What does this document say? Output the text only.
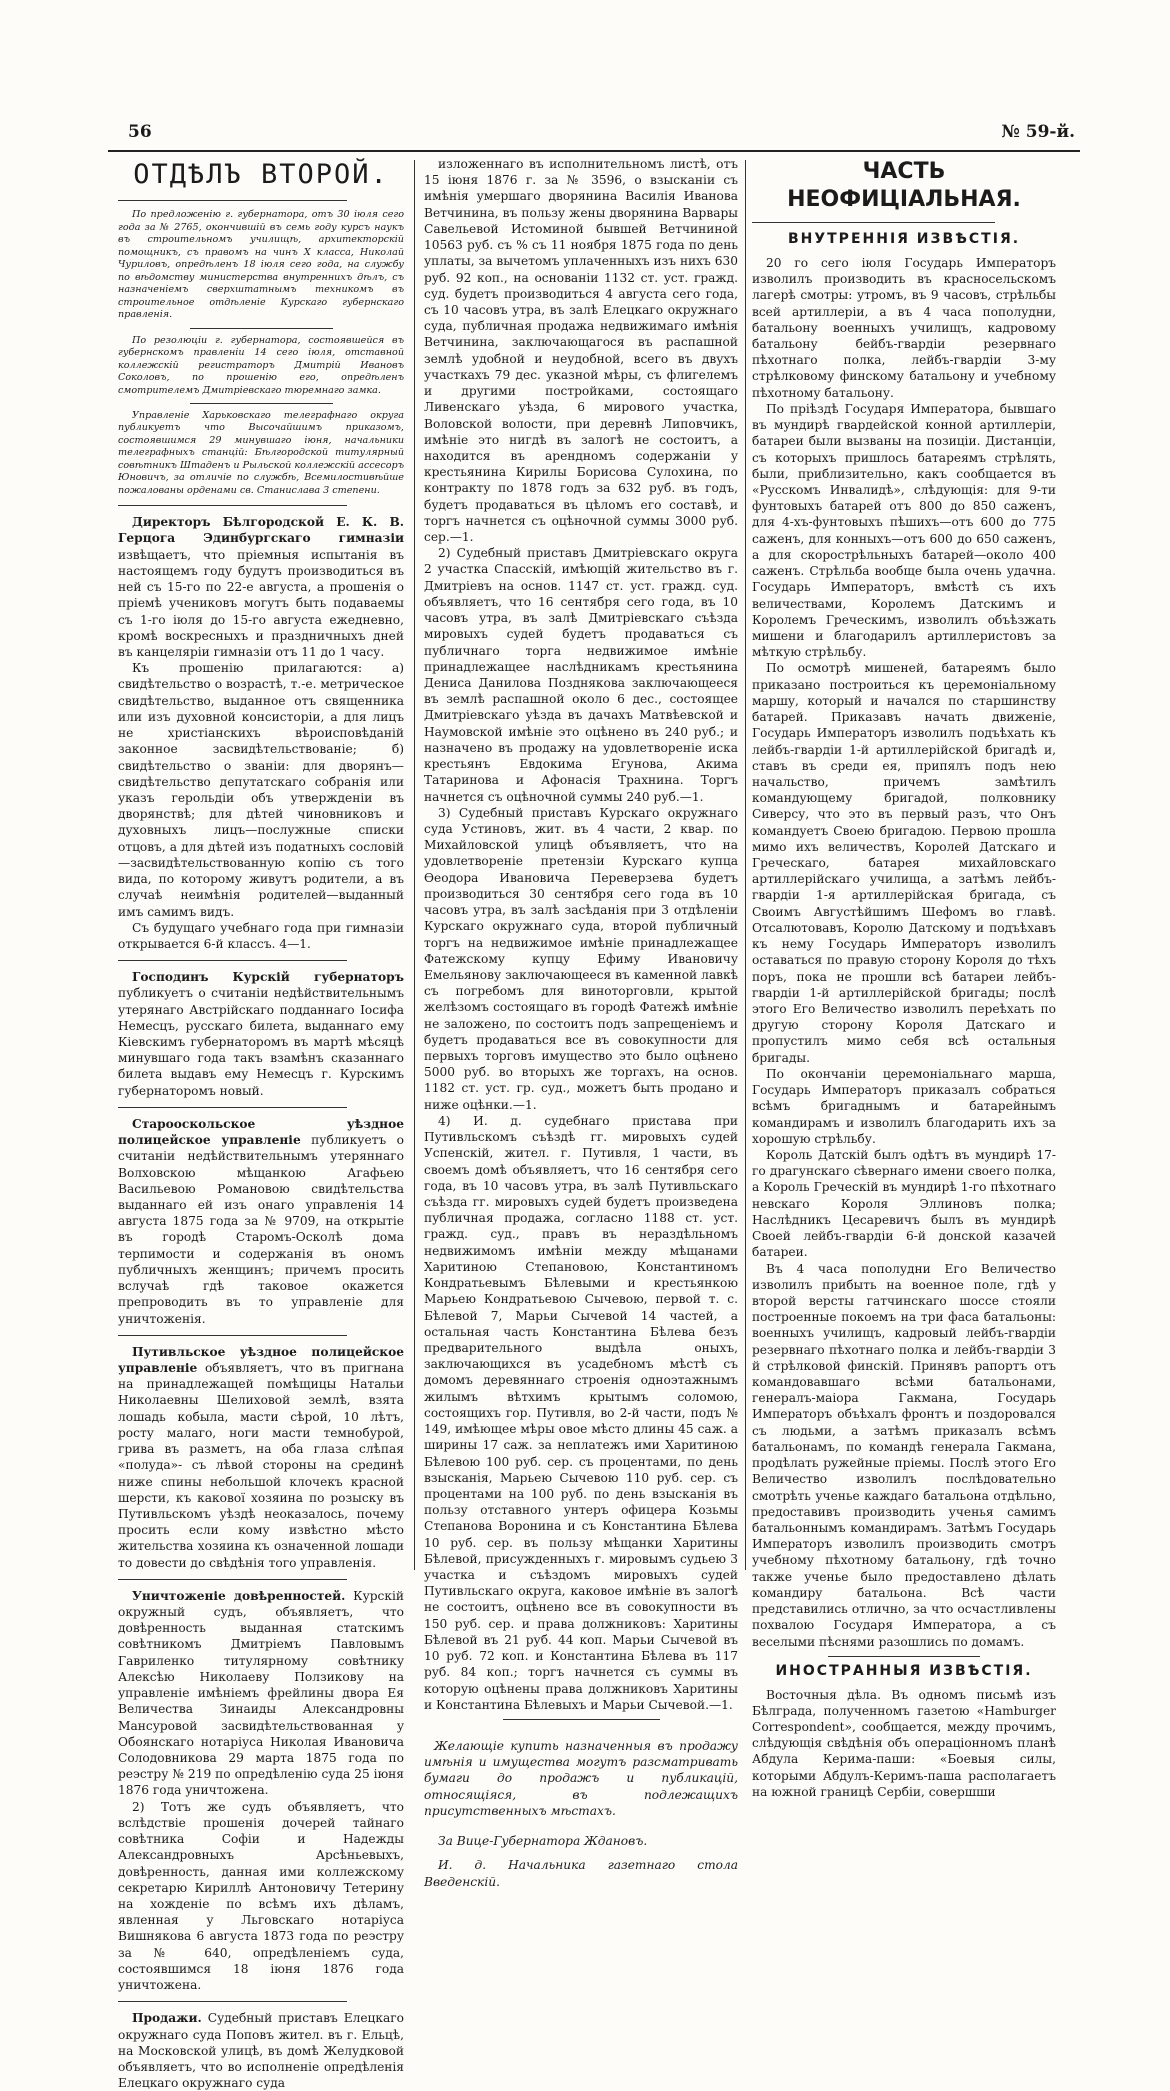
56	№ 59-й.
ОТДѢЛЪ ВТОРОЙ.

По предложенію г. губернатора, отъ 30 іюля сего года за № 2765, окончившій въ семь году курсъ наукъ въ строительномъ училищѣ, архитекторскій помощникъ, съ правомъ на чинъ X класса, Николай Чуриловъ, опредѣленъ 18 іюля сего года, на службу по вѣдомству министерства внутреннихъ дѣлъ, съ назначеніемъ сверхштатнымъ техникомъ въ строительное отдѣленіе Курскаго губернскаго правленія.

По резолюціи г. губернатора, состоявшейся въ губернскомъ правленіи 14 сего іюля, отставной коллежскій регистраторъ Дмитрій Ивановъ Соколовъ, по прошенію его, опредѣленъ смотрителемъ Дмитріевскаго тюремнаго замка.

Управленіе Харьковскаго телеграфнаго округа публикуетъ что Высочайшимъ приказомъ, состоявшимся 29 минувшаго іюня, начальники телеграфныхъ станцій: Бѣлгородской титулярный совѣтникъ Штаденъ и Рыльской коллежскій ассесоръ Юновичъ, за отличіе по службѣ, Всемилостивѣйше пожалованы орденами св. Станислава 3 степени.

Директоръ Бѣлгородской Е. К. В. Герцога Эдинбургскаго гимназіи извѣщаетъ, что пріемныя испытанія въ настоящемъ году будутъ производиться въ ней съ 15-го по 22-е августа, а прошенія о пріемѣ учениковъ могутъ быть подаваемы съ 1-го іюля до 15-го августа ежедневно, кромѣ воскресныхъ и праздничныхъ дней въ канцеляріи гимназіи отъ 11 до 1 часу.

Къ прошенію прилагаются: а) свидѣтельство о возрастѣ, т.-е. метрическое свидѣтельство, выданное отъ священника или изъ духовной консисторіи, а для лицъ не христіанскихъ вѣроисповѣданій законное засвидѣтельствованіе; б) свидѣтельство о званіи: для дворянъ—свидѣтельство депутатскаго собранія или указъ герольдіи объ утвержденіи въ дворянствѣ; для дѣтей чиновниковъ и духовныхъ лицъ—послужные списки отцовъ, а для дѣтей изъ податныхъ сословій—засвидѣтельствованную копію съ того вида, по которому живутъ родители, а въ случаѣ неимѣнія родителей—выданный имъ самимъ видъ.

Съ будущаго учебнаго года при гимназіи открывается 6-й классъ. 4—1.

Господинъ Курскій губернаторъ публикуетъ о считаніи недѣйствительнымъ утерянаго Австрійскаго подданнаго Іосифа Немесцъ, русскаго билета, выданнаго ему Кіевскимъ губернаторомъ въ мартѣ мѣсяцѣ минувшаго года такъ взамѣнъ сказаннаго билета выдавъ ему Немесцъ г. Курскимъ губернаторомъ новый.

Старооскольское уѣздное полицейское управленіе публикуетъ о считаніи недѣйствительнымъ утеряннаго Волховскою мѣщанкою Агафьею Васильевою Романовою свидѣтельства выданнаго ей изъ онаго управленія 14 августа 1875 года за № 9709, на открытіе въ городѣ Старомъ-Осколѣ дома терпимости и содержанія въ ономъ публичныхъ женщинъ; причемъ просить вслучаѣ гдѣ таковое окажется препроводить въ то управленіе для уничтоженія.

Путивльское уѣздное полицейское управленіе объявляетъ, что въ пригнана на принадлежащей помѣщицы Натальи Николаевны Шелиховой землѣ, взята лошадь кобыла, масти сѣрой, 10 лѣтъ, росту малаго, ноги масти темнобурой, грива въ разметъ, на оба глаза слѣпая «полуда»- съ лѣвой стороны на срединѣ ниже спины небольшой клочекъ красной шерсти, къ какової хозяина по розыску въ Путивльскомъ уѣздѣ неоказалось, почему просить если кому извѣстно мѣсто жительства хозяина къ означенной лошади то довести до свѣдѣнія того управленія.

Уничтоженіе довѣренностей. Курскій окружный судъ, объявляетъ, что довѣренность выданная статскимъ совѣтникомъ Дмитріемъ Павловымъ Гавриленко титулярному совѣтнику Алексѣю Николаеву Ползикову на управленіе имѣніемъ фрейлины двора Ея Величества Зинаиды Александровны Мансуровой засвидѣтельствованная у Обоянскаго нотаріуса Николая Ивановича Солодовникова 29 марта 1875 года по реэстру № 219 по опредѣленію суда 25 іюня 1876 года уничтожена.

2) Тотъ же судъ объявляетъ, что вслѣдствіе прошенія дочерей тайнаго совѣтника Софіи и Надежды Александровныхъ Арсѣньевыхъ, довѣренность, данная ими коллежскому секретарю Кириллѣ Антоновичу Тетерину на хожденіе по всѣмъ ихъ дѣламъ, явленная у Льговскаго нотаріуса Вишнякова 6 августа 1873 года по реэстру за № 640, опредѣленіемъ суда, состоявшимся 18 іюня 1876 года уничтожена.

Продажи. Судебный приставъ Елецкаго окружнаго суда Поповъ жител. въ г. Ельцѣ, на Московской улицѣ, въ домѣ Желудковой объявляетъ, что во исполненіе опредѣленія Елецкаго окружнаго суда

изложеннаго въ исполнительномъ листѣ, отъ 15 іюня 1876 г. за № 3596, о взысканіи съ имѣнія умершаго дворянина Василія Иванова Ветчинина, въ пользу жены дворянина Варвары Савельевой Истоминой бывшей Ветчининой 10563 руб. съ % съ 11 ноября 1875 года по день уплаты, за вычетомъ уплаченныхъ изъ нихъ 630 руб. 92 коп., на основаніи 1132 ст. уст. гражд. суд. будетъ производиться 4 августа сего года, съ 10 часовъ утра, въ залѣ Елецкаго окружнаго суда, публичная продажа недвижимаго имѣнія Ветчинина, заключающагося въ распашной землѣ удобной и неудобной, всего въ двухъ участкахъ 79 дес. указной мѣры, съ флигелемъ и другими постройками, состоящаго Ливенскаго уѣзда, 6 мирового участка, Воловской волости, при деревнѣ Липовчикъ, имѣніе это нигдѣ въ залогѣ не состоитъ, а находится въ арендномъ содержаніи у крестьянина Кирилы Борисова Сулохина, по контракту по 1878 годъ за 632 руб. въ годъ, будетъ продаваться въ цѣломъ его составѣ, и торгъ начнется съ оцѣночной суммы 3000 руб. сер.—1.

2) Судебный приставъ Дмитріевскаго округа 2 участка Спасскій, имѣющій жительство въ г. Дмитріевъ на основ. 1147 ст. уст. гражд. суд. объявляетъ, что 16 сентября сего года, въ 10 часовъ утра, въ залѣ Дмитріевскаго съѣзда мировыхъ судей будетъ продаваться съ публичнаго торга недвижимое имѣніе принадлежащее наслѣдникамъ крестьянина Дениса Данилова Позднякова заключающееся въ землѣ распашной около 6 дес., состоящее Дмитріевскаго уѣзда въ дачахъ Матвѣевской и Наумовской имѣніе это оцѣнено въ 240 руб.; и назначено въ продажу на удовлетвореніе иска крестьянъ Евдокима Егунова, Акима Татаринова и Афонасія Трахнина. Торгъ начнется съ оцѣночной суммы 240 руб.—1.

3) Судебный приставъ Курскаго окружнаго суда Устиновъ, жит. въ 4 части, 2 квар. по Михайловской улицѣ объявляетъ, что на удовлетвореніе претензіи Курскаго купца Ѳеодора Ивановича Переверзева будетъ производиться 30 сентября сего года въ 10 часовъ утра, въ залѣ засѣданія при 3 отдѣленіи Курскаго окружнаго суда, второй публичный торгъ на недвижимое имѣніе принадлежащее Фатежскому купцу Ефиму Ивановичу Емельянову заключающееся въ каменной лавкѣ съ погребомъ для виноторговли, крытой желѣзомъ состоящаго въ городѣ Фатежѣ имѣніе не заложено, по состоитъ подъ запрещеніемъ и будетъ продаваться все въ совокупности для первыхъ торговъ имущество это было оцѣнено 5000 руб. во вторыхъ же торгахъ, на основ. 1182 ст. уст. гр. суд., можетъ быть продано и ниже оцѣнки.—1.

4) И. д. судебнаго пристава при Путивльскомъ съѣздѣ гг. мировыхъ судей Успенскій, жител. г. Путивля, 1 части, въ своемъ домѣ объявляетъ, что 16 сентября сего года, въ 10 часовъ утра, въ залѣ Путивльскаго съѣзда гг. мировыхъ судей будетъ произведена публичная продажа, согласно 1188 ст. уст. гражд. суд., правъ въ нераздѣльномъ недвижимомъ имѣніи между мѣщанами Харитиною Степановою, Константиномъ Кондратьевымъ Бѣлевыми и крестьянкою Марьею Кондратьевою Сычевою, первой т. с. Бѣлевой 7, Марьи Сычевой 14 частей, а остальная часть Константина Бѣлева безъ предварительного выдѣла оныхъ, заключающихся въ усадебномъ мѣстѣ съ домомъ деревяннаго строенія одноэтажнымъ жилымъ вѣтхимъ крытымъ соломою, состоящихъ гор. Путивля, во 2-й части, подъ № 149, имѣющее мѣры овое мѣсто длины 45 саж. а ширины 17 саж. за неплатежъ ими Харитиною Бѣлевою 100 руб. сер. съ процентами, по день взысканія, Марьею Сычевою 110 руб. сер. съ процентами на 100 руб. по день взысканія въ пользу отставного унтеръ офицера Козьмы Степанова Воронина и съ Константина Бѣлева 10 руб. сер. въ пользу мѣщанки Харитины Бѣлевой, присужденныхъ г. мировымъ судьею 3 участка и съѣздомъ мировыхъ судей Путивльскаго округа, каковое имѣніе въ залогѣ не состоитъ, оцѣнено все въ совокупности въ 150 руб. сер. и права должниковъ: Харитины Бѣлевой въ 21 руб. 44 коп. Марьи Сычевой въ 10 руб. 72 коп. и Константина Бѣлева въ 117 руб. 84 коп.; торгъ начнется съ суммы въ которую оцѣнены права должниковъ Харитины и Константина Бѣлевыхъ и Марьи Сычевой.—1.

Желающіе купить назначенныя въ продажу имѣнія и имущества могутъ разсматривать бумаги до продажъ и публикацій, относящіяся, въ подлежащихъ присутственныхъ мѣстахъ.

За Вице-Губернатора Ждановъ.

И. д. Начальника газетнаго стола Введенскій.

ЧАСТЬ НЕОФИЦІАЛЬНАЯ.
ВНУТРЕННІЯ ИЗВѢСТІЯ.

20 го сего іюля Государь Императоръ изволилъ производить въ красносельскомъ лагерѣ смотры: утромъ, въ 9 часовъ, стрѣльбы всей артиллеріи, а въ 4 часа пополудни, батальону военныхъ училищъ, кадровому батальону бейбъ-гвардіи резервнаго пѣхотнаго полка, лейбъ-гвардіи 3-му стрѣлковому финскому батальону и учебному пѣхотному батальону.

По пріѣздѣ Государя Императора, бывшаго въ мундирѣ гвардейской конной артиллеріи, батареи были вызваны на позиціи. Дистанціи, съ которыхъ пришлось батареямъ стрѣлять, были, приблизительно, какъ сообщается въ «Русскомъ Инвалидѣ», слѣдующія: для 9-ти фунтовыхъ батарей отъ 800 до 850 саженъ, для 4-хъ-фунтовыхъ пѣшихъ—отъ 600 до 775 саженъ, для конныхъ—отъ 600 до 650 саженъ, а для скорострѣльныхъ батарей—около 400 саженъ. Стрѣльба вообще была очень удачна. Государь Императоръ, вмѣстѣ съ ихъ величествами, Королемъ Датскимъ и Королемъ Греческимъ, изволилъ объѣзжать мишени и благодарилъ артиллеристовъ за мѣткую стрѣльбу.

По осмотрѣ мишеней, батареямъ было приказано построиться къ церемоніальному маршу, который и начался по старшинству батарей. Приказавъ начать движеніе, Государь Императоръ изволилъ подъѣхать къ лейбъ-гвардіи 1-й артиллерійской бригадѣ и, ставъ въ среди ея, припялъ подъ нею начальство, причемъ замѣтилъ командующему бригадой, полковнику Сиверсу, что это въ первый разъ, что Онъ командуетъ Своею бригадою. Первою прошла мимо ихъ величествъ, Королей Датскаго и Греческаго, батарея михайловскаго артиллерійскаго училища, а затѣмъ лейбъ-гвардіи 1-я артиллерійская бригада, съ Своимъ Августѣйшимъ Шефомъ во главѣ. Отсалютовавъ, Королю Датскому и подъѣхавъ къ нему Государь Императоръ изволилъ оставаться по правую сторону Короля до тѣхъ поръ, пока не прошли всѣ батареи лейбъ-гвардіи 1-й артиллерійской бригады; послѣ этого Его Величество изволилъ переѣхать по другую сторону Короля Датскаго и пропустилъ мимо себя всѣ остальныя бригады.

По окончаніи церемоніальнаго марша, Государь Императоръ приказалъ собраться всѣмъ бригаднымъ и батарейнымъ командирамъ и изволилъ благодарить ихъ за хорошую стрѣльбу.

Король Датскій былъ одѣтъ въ мундирѣ 17-го драгунскаго сѣвернаго имени своего полка, а Король Греческій въ мундирѣ 1-го пѣхотнаго невскаго Короля Эллиновъ полка; Наслѣдникъ Цесаревичъ былъ въ мундирѣ Своей лейбъ-гвардіи 6-й донской казачей батареи.

Въ 4 часа пополудни Его Величество изволилъ прибыть на военное поле, гдѣ у второй версты гатчинскаго шоссе стояли построенные покоемъ на три фаса батальоны: военныхъ училищъ, кадровый лейбъ-гвардіи резервнаго пѣхотнаго полка и лейбъ-гвардіи 3 й стрѣлковой финскій. Принявъ рапортъ отъ командовавшаго всѣми батальонами, генералъ-маіора Гакмана, Государь Императоръ объѣхалъ фронтъ и поздоровался съ людьми, а затѣмъ приказалъ всѣмъ батальонамъ, по командѣ генерала Гакмана, продѣлать ружейные пріемы. Послѣ этого Его Величество изволилъ послѣдовательно смотрѣть ученье каждаго батальона отдѣльно, предоставивъ производить ученья самимъ батальоннымъ командирамъ. Затѣмъ Государь Императоръ изволилъ производить смотръ учебному пѣхотному батальону, гдѣ точно также ученье было предоставлено дѣлать командиру батальона. Всѣ части представились отлично, за что осчастливлены похвалою Государя Императора, а съ веселыми пѣснями разошлись по домамъ.

ИНОСТРАННЫЯ ИЗВѢСТІЯ.

Восточныя дѣла. Въ одномъ письмѣ изъ Бѣлграда, полученномъ газетою «Hamburger Correspondent», сообщается, между прочимъ, слѣдующія свѣдѣнія объ операціонномъ планѣ Абдула Керима-паши: «Боевыя силы, которыми Абдулъ-Керимъ-паша располагаетъ на южной границѣ Сербіи, совершши
